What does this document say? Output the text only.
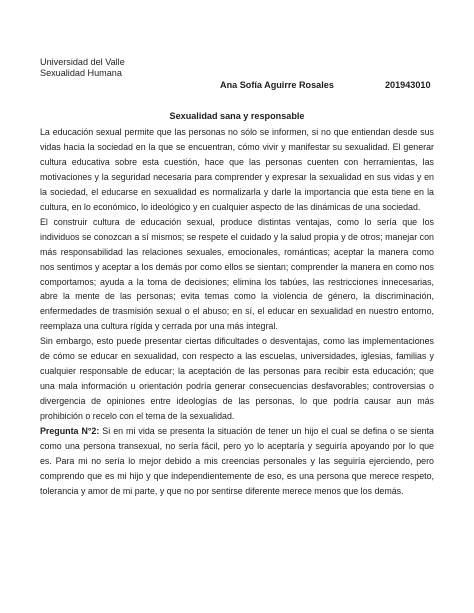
Universidad del Valle
Sexualidad Humana
Ana Sofía Aguirre Rosales	201943010
Sexualidad sana y responsable

La educación sexual permite que las personas no sólo se informen, si no que entiendan desde sus vidas hacia la sociedad en la que se encuentran, cómo vivir y manifestar su sexualidad. El generar cultura educativa sobre esta cuestión, hace que las personas cuenten con herramientas, las motivaciones y la seguridad necesaria para comprender y expresar la sexualidad en sus vidas y en la sociedad, el educarse en sexualidad es normalizarla y darle la importancia que esta tiene en la cultura, en lo económico, lo ideológico y en cualquier aspecto de las dinámicas de una sociedad.

El construir cultura de educación sexual, produce distintas ventajas, como lo sería que los individuos se conozcan a sí mismos; se respete el cuidado y la salud propia y de otros; manejar con más responsabilidad las relaciones sexuales, emocionales, románticas; aceptar la manera como nos sentimos y aceptar a los demás por como ellos se sientan; comprender la manera en como nos comportamos; ayuda a la toma de decisiones; elimina los tabúes, las restricciones innecesarias, abre la mente de las personas; evita temas como la violencia de género, la discriminación, enfermedades de trasmisión sexual o el abuso; en sí, el educar en sexualidad en nuestro entorno, reemplaza una cultura rígida y cerrada por una más integral.

Sin embargo, esto puede presentar ciertas dificultades o desventajas, como las implementaciones de cómo se educar en sexualidad, con respecto a las escuelas, universidades, iglesias, familias y cualquier responsable de educar; la aceptación de las personas para recibir esta educación; que una mala información u orientación podría generar consecuencias desfavorables; controversias o divergencia de opiniones entre ideologías de las personas, lo que podría causar aun más prohibición o recelo con el tema de la sexualidad.

Pregunta N°2: Si en mi vida se presenta la situación de tener un hijo el cual se defina o se sienta como una persona transexual, no sería fácil, pero yo lo aceptaría y seguiría apoyando por lo que es. Para mi no sería lo mejor debido a mis creencias personales y las seguiría ejerciendo, pero comprendo que es mi hijo y que independientemente de eso, es una persona que merece respeto, tolerancia y amor de mi parte, y que no por sentirse diferente merece menos que los demás.
